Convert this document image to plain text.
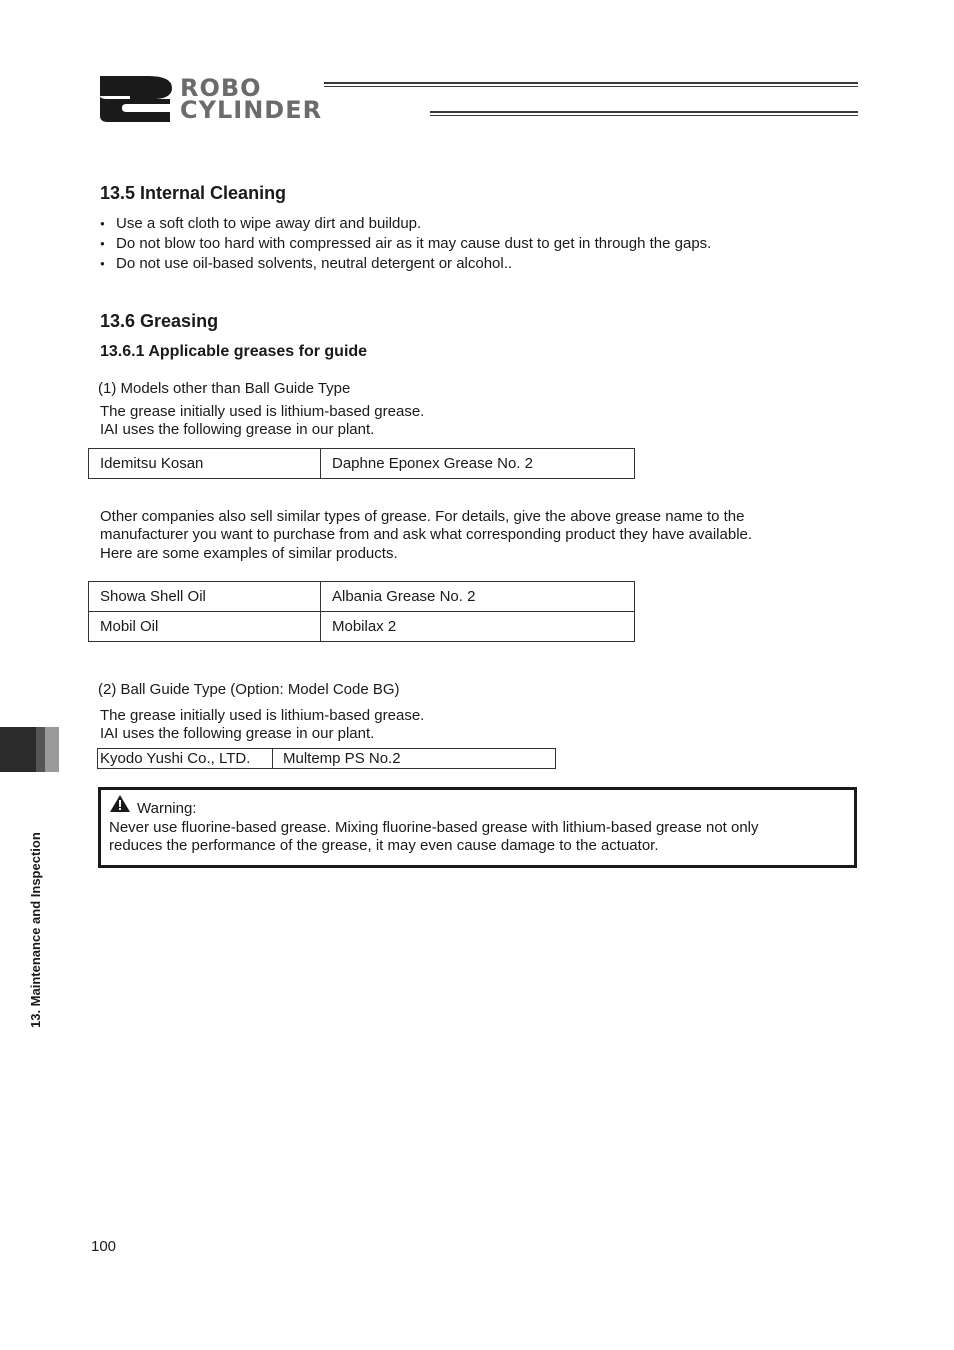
ROBO
CYLINDER
13.5 Internal Cleaning
● Use a soft cloth to wipe away dirt and buildup.
● Do not blow too hard with compressed air as it may cause dust to get in through the gaps.
● Do not use oil-based solvents, neutral detergent or alcohol..
13.6 Greasing
13.6.1 Applicable greases for guide

(1) Models other than Ball Guide Type

The grease initially used is lithium-based grease.

IAI uses the following grease in our plant.

Idemitsu Kosan	Daphne Eponex Grease No. 2

Other companies also sell similar types of grease. For details, give the above grease name to the

manufacturer you want to purchase from and ask what corresponding product they have available.

Here are some examples of similar products.

Showa Shell Oil	Albania Grease No. 2
Mobil Oil	Mobilax 2

(2) Ball Guide Type (Option: Model Code BG)

The grease initially used is lithium-based grease.

IAI uses the following grease in our plant.

Kyodo Yushi Co., LTD.	Multemp PS No.2

Warning:

Never use fluorine-based grease. Mixing fluorine-based grease with lithium-based grease not only

reduces the performance of the grease, it may even cause damage to the actuator.

13. Maintenance and Inspection

100
